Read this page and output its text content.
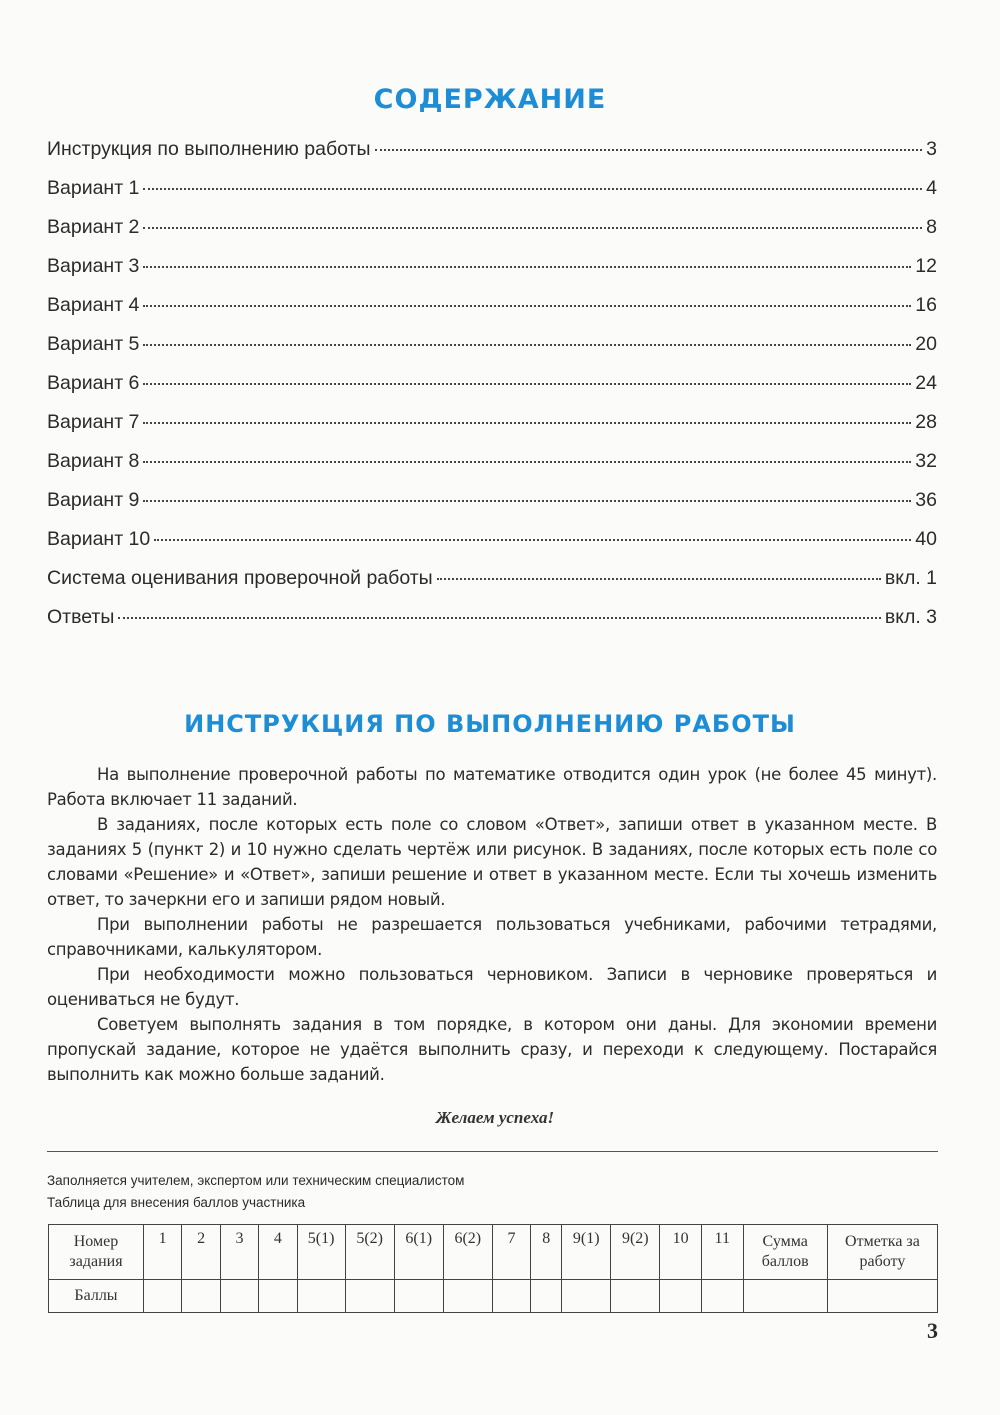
СОДЕРЖАНИЕ
Инструкция по выполнению работы	3
Вариант 1	4
Вариант 2	8
Вариант 3	12
Вариант 4	16
Вариант 5	20
Вариант 6	24
Вариант 7	28
Вариант 8	32
Вариант 9	36
Вариант 10	40
Система оценивания проверочной работы	вкл. 1
Ответы	вкл. 3
ИНСТРУКЦИЯ ПО ВЫПОЛНЕНИЮ РАБОТЫ

На выполнение проверочной работы по математике отводится один урок (не более 45 минут). Работа включает 11 заданий.

В заданиях, после которых есть поле со словом «Ответ», запиши ответ в указанном месте. В заданиях 5 (пункт 2) и 10 нужно сделать чертёж или рисунок. В заданиях, после которых есть поле со словами «Решение» и «Ответ», запиши решение и ответ в указанном месте. Если ты хочешь изменить ответ, то зачеркни его и запиши рядом новый.

При выполнении работы не разрешается пользоваться учебниками, рабочими тетрадями, справочниками, калькулятором.

При необходимости можно пользоваться черновиком. Записи в черновике проверяться и оцениваться не будут.

Советуем выполнять задания в том порядке, в котором они даны. Для экономии времени пропускай задание, которое не удаётся выполнить сразу, и переходи к следующему. Постарайся выполнить как можно больше заданий.

Желаем успеха!
Заполняется учителем, экспертом или техническим специалистом
Таблица для внесения баллов участника
Номер задания	1	2	3	4	5(1)	5(2)	6(1)	6(2)	7	8	9(1)	9(2)	10	11	Сумма баллов	Отметка за работу
Баллы																
3
